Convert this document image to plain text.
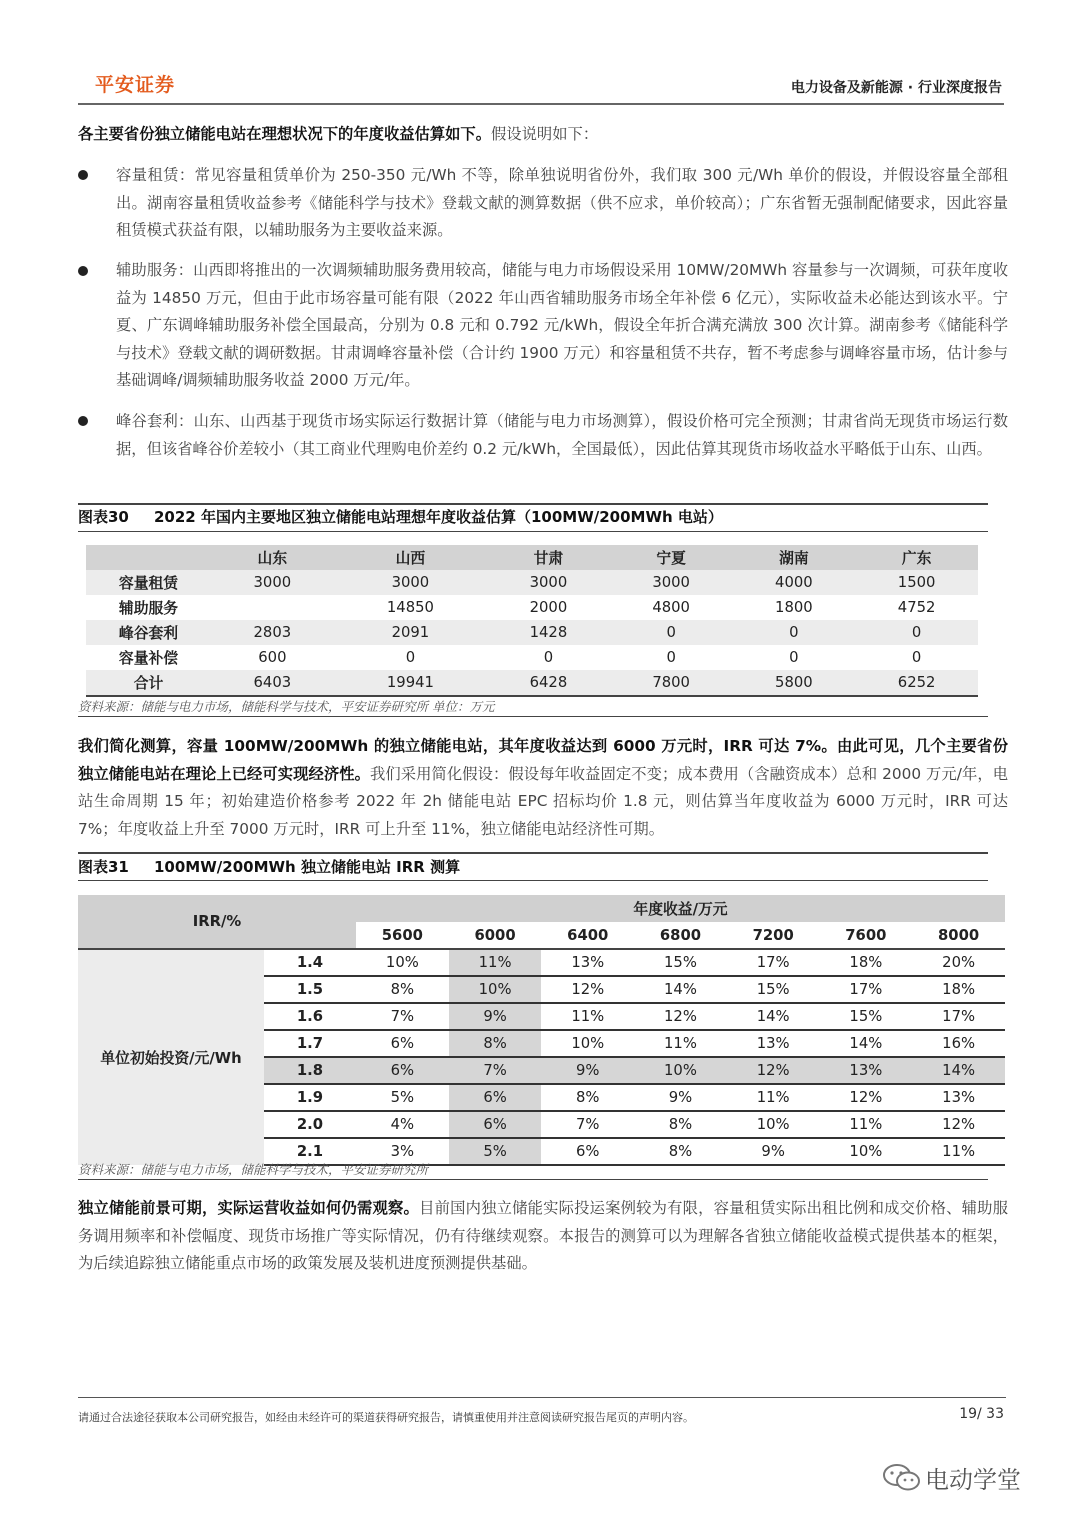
平安证券	电力设备及新能源 · 行业深度报告
各主要省份独立储能电站在理想状况下的年度收益估算如下。假设说明如下：
容量租赁：常见容量租赁单价为 250-350 元/Wh 不等，除单独说明省份外，我们取 300 元/Wh 单价的假设，并假设容量全部租出。湖南容量租赁收益参考《储能科学与技术》登载文献的测算数据（供不应求，单价较高）；广东省暂无强制配储要求，因此容量租赁模式获益有限，以辅助服务为主要收益来源。
辅助服务：山西即将推出的一次调频辅助服务费用较高，储能与电力市场假设采用 10MW/20MWh 容量参与一次调频，可获年度收益为 14850 万元，但由于此市场容量可能有限（2022 年山西省辅助服务市场全年补偿 6 亿元），实际收益未必能达到该水平。宁夏、广东调峰辅助服务补偿全国最高，分别为 0.8 元和 0.792 元/kWh，假设全年折合满充满放 300 次计算。湖南参考《储能科学与技术》登载文献的调研数据。甘肃调峰容量补偿（合计约 1900 万元）和容量租赁不共存，暂不考虑参与调峰容量市场，估计参与基础调峰/调频辅助服务收益 2000 万元/年。
峰谷套利：山东、山西基于现货市场实际运行数据计算（储能与电力市场测算），假设价格可完全预测；甘肃省尚无现货市场运行数据，但该省峰谷价差较小（其工商业代理购电价差约 0.2 元/kWh，全国最低），因此估算其现货市场收益水平略低于山东、山西。
图表30 2022 年国内主要地区独立储能电站理想年度收益估算（100MW/200MWh 电站）
	山东	山西	甘肃	宁夏	湖南	广东
容量租赁	3000	3000	3000	3000	4000	1500
辅助服务		14850	2000	4800	1800	4752
峰谷套利	2803	2091	1428	0	0	0
容量补偿	600	0	0	0	0	0
合计	6403	19941	6428	7800	5800	6252
资料来源：储能与电力市场，储能科学与技术，平安证券研究所 单位：万元
我们简化测算，容量 100MW/200MWh 的独立储能电站，其年度收益达到 6000 万元时，IRR 可达 7%。由此可见，几个主要省份独立储能电站在理论上已经可实现经济性。我们采用简化假设：假设每年收益固定不变；成本费用（含融资成本）总和 2000 万元/年，电站生命周期 15 年；初始建造价格参考 2022 年 2h 储能电站 EPC 招标均价 1.8 元，则估算当年度收益为 6000 万元时，IRR 可达 7%；年度收益上升至 7000 万元时，IRR 可上升至 11%，独立储能电站经济性可期。
图表31 100MW/200MWh 独立储能电站 IRR 测算
IRR/%		年度收益/万元						
		5600	6000	6400	6800	7200	7600	8000
单位初始投资/元/Wh	1.4	10%	11%	13%	15%	17%	18%	20%
	1.5	8%	10%	12%	14%	15%	17%	18%
	1.6	7%	9%	11%	12%	14%	15%	17%
	1.7	6%	8%	10%	11%	13%	14%	16%
	1.8	6%	7%	9%	10%	12%	13%	14%
	1.9	5%	6%	8%	9%	11%	12%	13%
	2.0	4%	6%	7%	8%	10%	11%	12%
	2.1	3%	5%	6%	8%	9%	10%	11%
资料来源：储能与电力市场，储能科学与技术，平安证券研究所
独立储能前景可期，实际运营收益如何仍需观察。目前国内独立储能实际投运案例较为有限，容量租赁实际出租比例和成交价格、辅助服务调用频率和补偿幅度、现货市场推广等实际情况，仍有待继续观察。本报告的测算可以为理解各省独立储能收益模式提供基本的框架，为后续追踪独立储能重点市场的政策发展及装机进度预测提供基础。
请通过合法途径获取本公司研究报告，如经由未经许可的渠道获得研究报告，请慎重使用并注意阅读研究报告尾页的声明内容。	19/ 33
电动学堂
